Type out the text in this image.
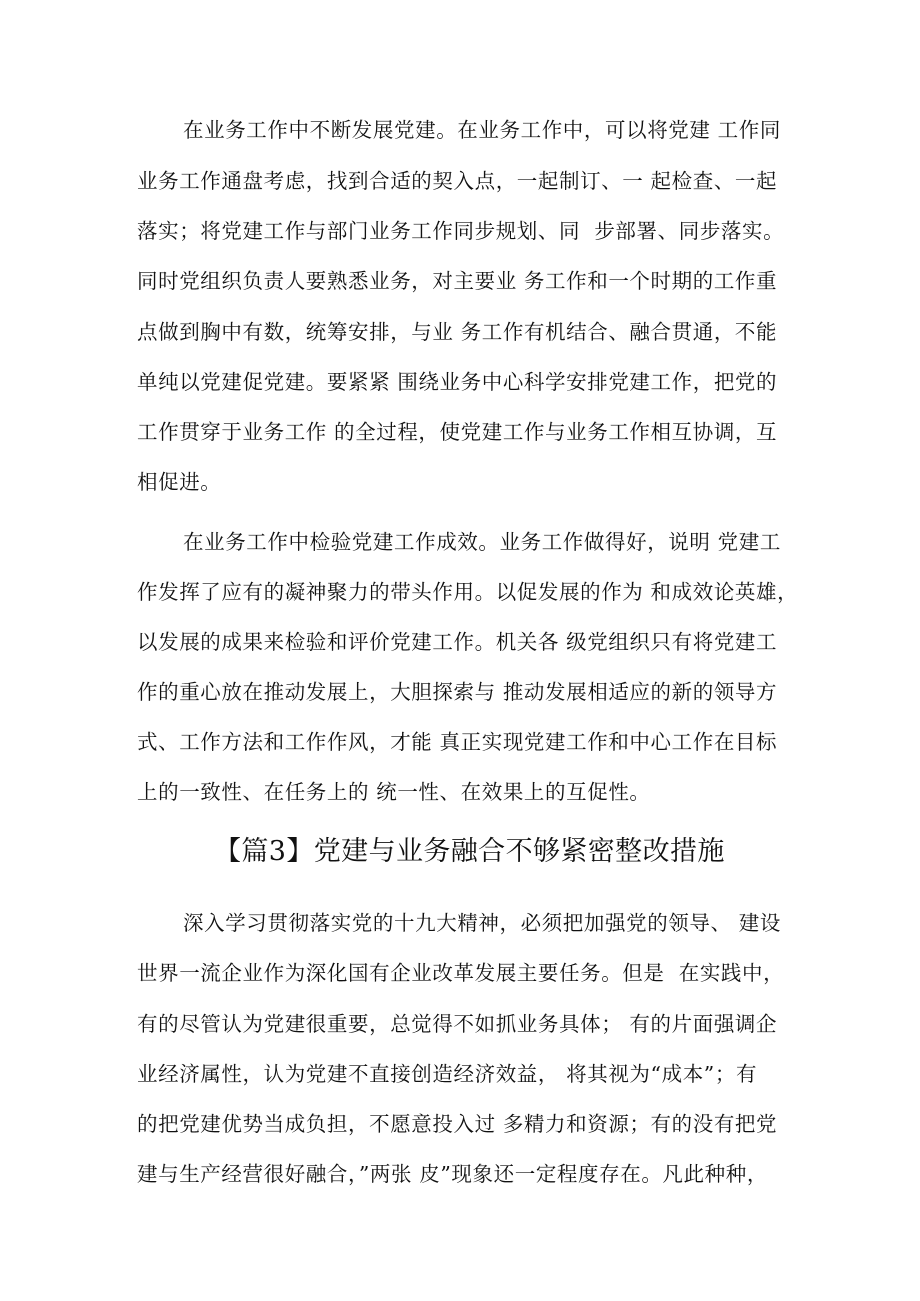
在业务工作中不断发展党建。在业务工作中，可以将党建 工作同
业务工作通盘考虑，找到合适的契入点，一起制订、一 起检查、一起
落实；将党建工作与部门业务工作同步规划、同  步部署、同步落实。
同时党组织负责人要熟悉业务，对主要业 务工作和一个时期的工作重
点做到胸中有数，统筹安排，与业 务工作有机结合、融合贯通，不能
单纯以党建促党建。要紧紧 围绕业务中心科学安排党建工作，把党的
工作贯穿于业务工作 的全过程，使党建工作与业务工作相互协调，互
相促进。
在业务工作中检验党建工作成效。业务工作做得好，说明 党建工
作发挥了应有的凝神聚力的带头作用。以促发展的作为 和成效论英雄，
以发展的成果来检验和评价党建工作。机关各 级党组织只有将党建工
作的重心放在推动发展上，大胆探索与 推动发展相适应的新的领导方
式、工作方法和工作作风，才能 真正实现党建工作和中心工作在目标
上的一致性、在任务上的 统一性、在效果上的互促性。
【篇3】党建与业务融合不够紧密整改措施
深入学习贯彻落实党的十九大精神，必须把加强党的领导、 建设
世界一流企业作为深化国有企业改革发展主要任务。但是  在实践中，
有的尽管认为党建很重要，总觉得不如抓业务具体； 有的片面强调企
业经济属性，认为党建不直接创造经济效益， 将其视为“成本”；有
的把党建优势当成负担，不愿意投入过 多精力和资源；有的没有把党
建与生产经营很好融合，”两张 皮”现象还一定程度存在。凡此种种，
